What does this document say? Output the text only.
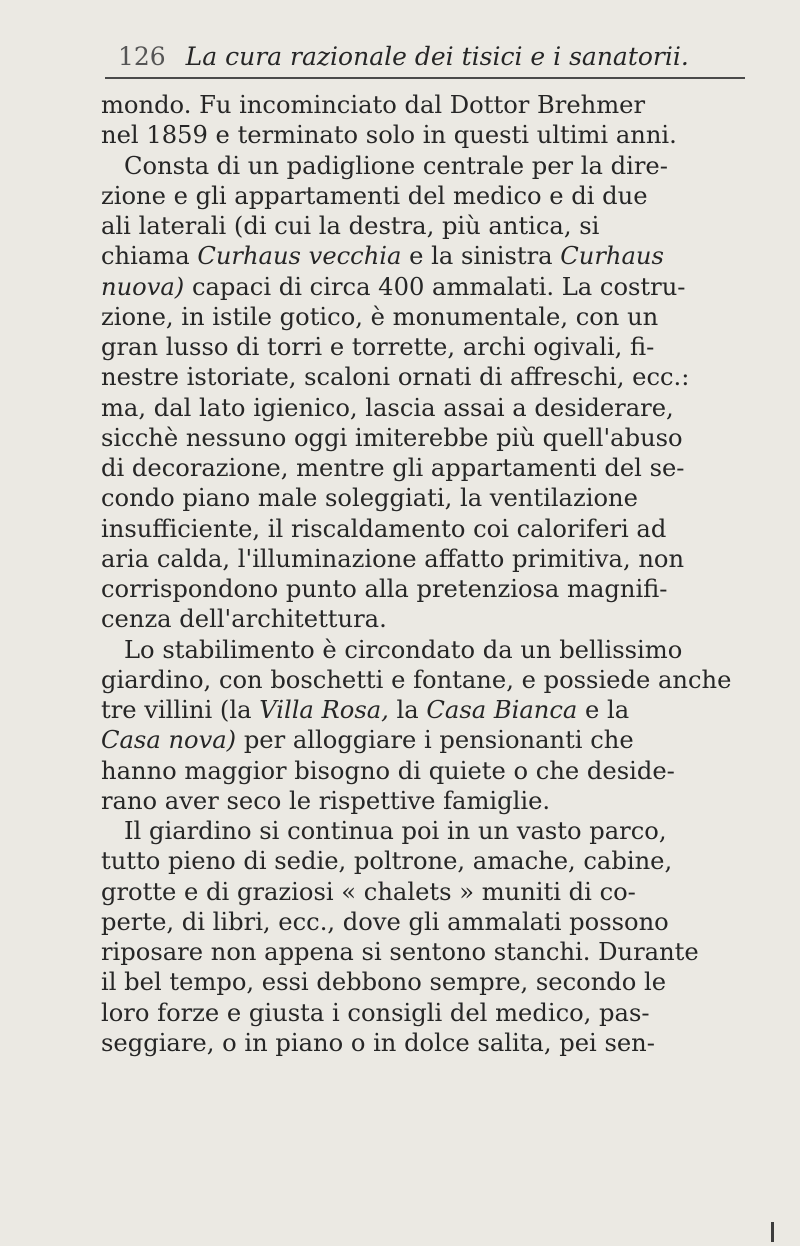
126 La cura razionale dei tisici e i sanatorii.
mondo. Fu incominciato dal Dottor Brehmer
nel 1859 e terminato solo in questi ultimi anni.
Consta di un padiglione centrale per la dire-
zione e gli appartamenti del medico e di due
ali laterali (di cui la destra, più antica, si
chiama Curhaus vecchia e la sinistra Curhaus
nuova) capaci di circa 400 ammalati. La costru-
zione, in istile gotico, è monumentale, con un
gran lusso di torri e torrette, archi ogivali, fi-
nestre istoriate, scaloni ornati di affreschi, ecc.:
ma, dal lato igienico, lascia assai a desiderare,
sicchè nessuno oggi imiterebbe più quell'abuso
di decorazione, mentre gli appartamenti del se-
condo piano male soleggiati, la ventilazione
insufficiente, il riscaldamento coi caloriferi ad
aria calda, l'illuminazione affatto primitiva, non
corrispondono punto alla pretenziosa magnifi-
cenza dell'architettura.
Lo stabilimento è circondato da un bellissimo
giardino, con boschetti e fontane, e possiede anche
tre villini (la Villa Rosa, la Casa Bianca e la
Casa nova) per alloggiare i pensionanti che
hanno maggior bisogno di quiete o che deside-
rano aver seco le rispettive famiglie.
Il giardino si continua poi in un vasto parco,
tutto pieno di sedie, poltrone, amache, cabine,
grotte e di graziosi « chalets » muniti di co-
perte, di libri, ecc., dove gli ammalati possono
riposare non appena si sentono stanchi. Durante
il bel tempo, essi debbono sempre, secondo le
loro forze e giusta i consigli del medico, pas-
seggiare, o in piano o in dolce salita, pei sen-
